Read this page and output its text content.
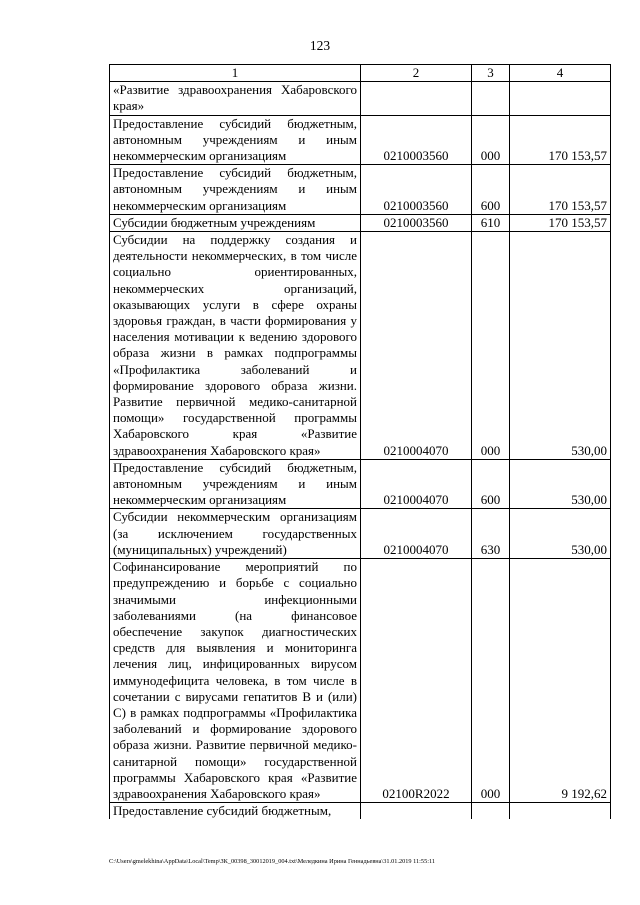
123
1	2	3	4
«Развитие здравоохранения Хабаровского края»			
Предоставление субсидий бюджетным, автономным учреждениям и иным некоммерческим организациям	0210003560	000	170 153,57
Предоставление субсидий бюджетным, автономным учреждениям и иным некоммерческим организациям	0210003560	600	170 153,57
Субсидии бюджетным учреждениям	0210003560	610	170 153,57
Субсидии на поддержку создания и деятельности некоммерческих, в том числе социально ориентированных, некоммерческих организаций, оказывающих услуги в сфере охраны здоровья граждан, в части формирования у населения мотивации к ведению здорового образа жизни в рамках подпрограммы «Профилактика заболеваний и формирование здорового образа жизни. Развитие первичной медико-санитарной помощи» государственной программы Хабаровского края «Развитие здравоохранения Хабаровского края»	0210004070	000	530,00
Предоставление субсидий бюджетным, автономным учреждениям и иным некоммерческим организациям	0210004070	600	530,00
Субсидии некоммерческим организациям (за исключением государственных (муниципальных) учреждений)	0210004070	630	530,00
Софинансирование мероприятий по предупреждению и борьбе с социально значимыми инфекционными заболеваниями (на финансовое обеспечение закупок диагностических средств для выявления и мониторинга лечения лиц, инфицированных вирусом иммунодефицита человека, в том числе в сочетании с вирусами гепатитов В и (или) С) в рамках подпрограммы «Профилактика заболеваний и формирование здорового образа жизни. Развитие первичной медико-санитарной помощи» государственной программы Хабаровского края «Развитие здравоохранения Хабаровского края»	02100R2022	000	9 192,62
Предоставление субсидий бюджетным,			
C:\Users\gmelekhina\AppData\Local\Temp\ЗК_00398_30012019_004.txt\Меледкина Ирина Геннадьевна\31.01.2019 11:55:11
